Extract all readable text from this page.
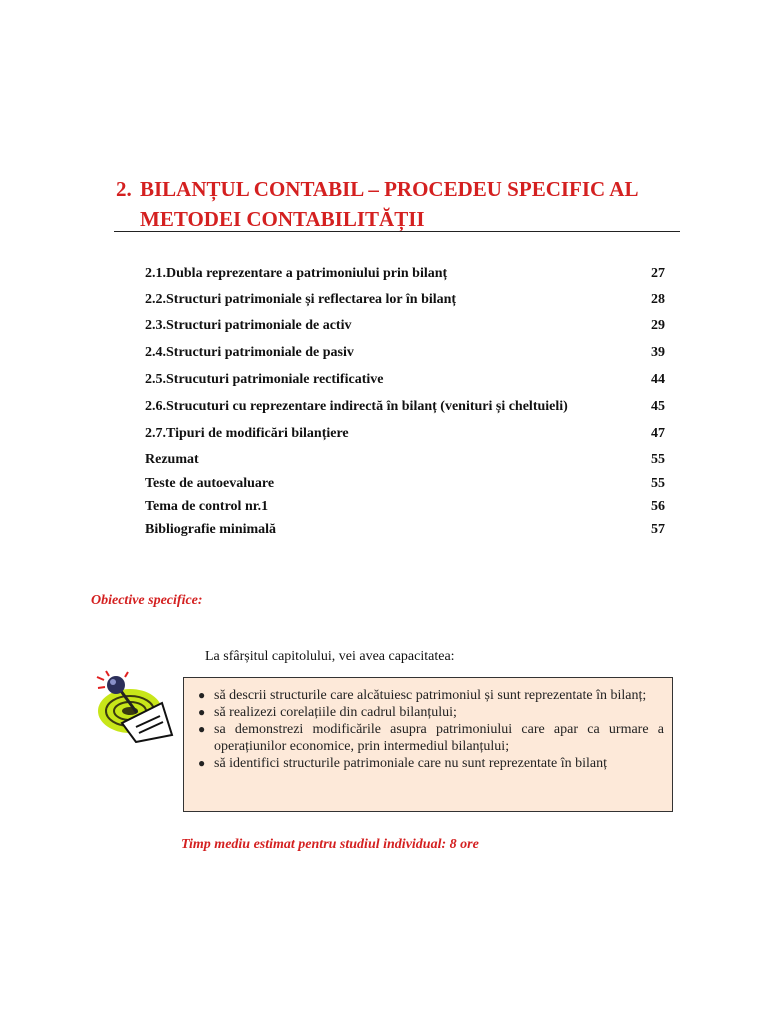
2. BILANȚUL CONTABIL – PROCEDEU SPECIFIC AL
METODEI CONTABILITĂȚII
2.1.Dubla reprezentare a patrimoniului prin bilanț	27
2.2.Structuri patrimoniale și reflectarea lor în bilanț	28
2.3.Structuri patrimoniale de activ	29
2.4.Structuri patrimoniale de pasiv	39
2.5.Strucuturi patrimoniale rectificative	44
2.6.Strucuturi cu reprezentare indirectă în bilanț (venituri și cheltuieli)	45
2.7.Tipuri de modificări bilanțiere	47
Rezumat	55
Teste de autoevaluare	55
Tema de control nr.1	56
Bibliografie minimală	57
Obiective specifice:
La sfârșitul capitolului, vei avea capacitatea:
● să descrii structurile care alcătuiesc patrimoniul și sunt reprezentate în bilanț;
● să realizezi corelațiile din cadrul bilanțului;
● sa demonstrezi modificările asupra patrimoniului care apar ca urmare a operațiunilor economice, prin intermediul bilanțului;
● să identifici structurile patrimoniale care nu sunt reprezentate în bilanț
Timp mediu estimat pentru studiul individual: 8 ore
